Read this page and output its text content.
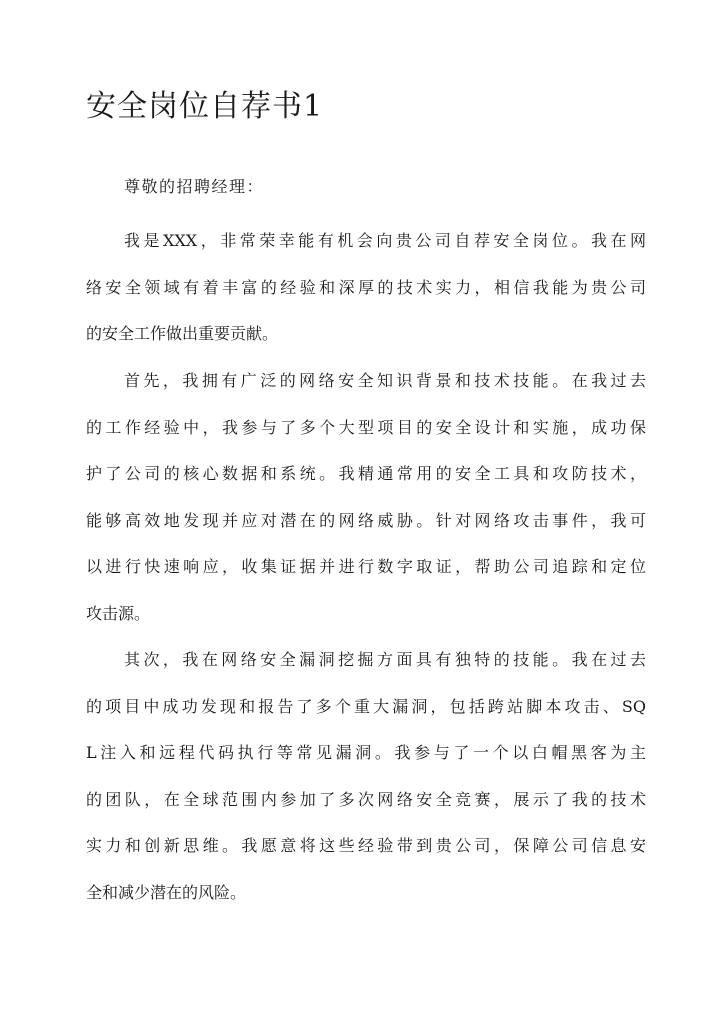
安全岗位自荐书1

尊敬的招聘经理：

我是XXX，非常荣幸能有机会向贵公司自荐安全岗位。我在网
络安全领域有着丰富的经验和深厚的技术实力，相信我能为贵公司
的安全工作做出重要贡献。
首先，我拥有广泛的网络安全知识背景和技术技能。在我过去
的工作经验中，我参与了多个大型项目的安全设计和实施，成功保
护了公司的核心数据和系统。我精通常用的安全工具和攻防技术，
能够高效地发现并应对潜在的网络威胁。针对网络攻击事件，我可
以进行快速响应，收集证据并进行数字取证，帮助公司追踪和定位
攻击源。
其次，我在网络安全漏洞挖掘方面具有独特的技能。我在过去
的项目中成功发现和报告了多个重大漏洞，包括跨站脚本攻击、SQ
L注入和远程代码执行等常见漏洞。我参与了一个以白帽黑客为主
的团队，在全球范围内参加了多次网络安全竞赛，展示了我的技术
实力和创新思维。我愿意将这些经验带到贵公司，保障公司信息安
全和减少潜在的风险。
